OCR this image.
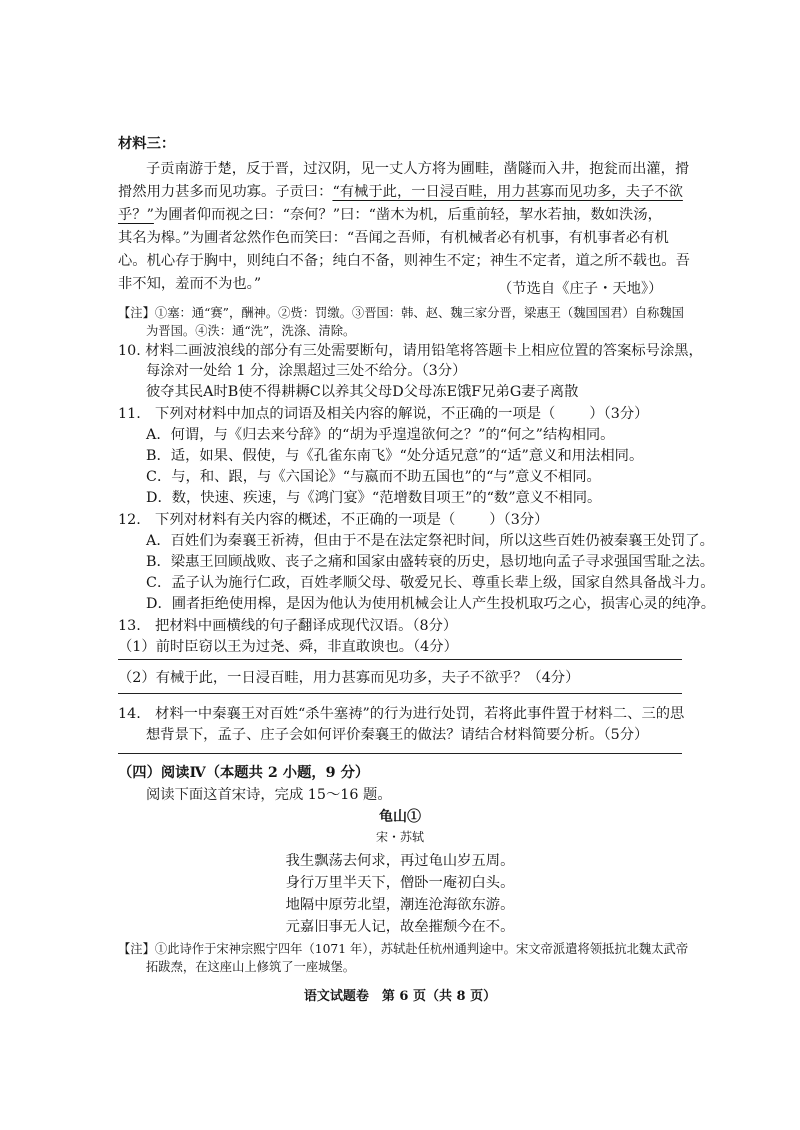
材料三：
子贡南游于楚，反于晋，过汉阴，见一丈人方将为圃畦，凿隧而入井，抱瓮而出灌，搰
搰然用力甚多而见功寡。子贡曰：“有械于此，一日浸百畦，用力甚寡而见功多，夫子不欲
乎？”为圃者仰而视之曰：“奈何？”曰：“凿木为机，后重前轻，挈水若抽，数如泆汤，
其名为槔。”为圃者忿然作色而笑曰：“吾闻之吾师，有机械者必有机事，有机事者必有机
心。机心存于胸中，则纯白不备；纯白不备，则神生不定；神生不定者，道之所不载也。吾
非不知，羞而不为也。”	（节选自《庄子・天地》）
【注】①塞：通“赛”，酬神。②赀：罚缴。③晋国：韩、赵、魏三家分晋，梁惠王（魏国国君）自称魏国
为晋国。④泆：通“洗”，洗涤、清除。
10. 材料二画波浪线的部分有三处需要断句，请用铅笔将答题卡上相应位置的答案标号涂黑，
每涂对一处给 1 分，涂黑超过三处不给分。（3分）
彼夺其民A时B使不得耕耨C以养其父母D父母冻E饿F兄弟G妻子离散
11.　下列对材料中加点的词语及相关内容的解说，不正确的一项是（ ）（3分）
A．何谓，与《归去来兮辞》的“胡为乎遑遑欲何之？”的“何之”结构相同。
B．适，如果、假使，与《孔雀东南飞》“处分适兄意”的“适”意义和用法相同。
C．与，和、跟，与《六国论》“与嬴而不助五国也”的“与”意义不相同。
D．数，快速、疾速，与《鸿门宴》“范增数目项王”的“数”意义不相同。
12.　下列对材料有关内容的概述，不正确的一项是（ ）（3分）
A．百姓们为秦襄王祈祷，但由于不是在法定祭祀时间，所以这些百姓仍被秦襄王处罚了。
B．梁惠王回顾战败、丧子之痛和国家由盛转衰的历史，恳切地向孟子寻求强国雪耻之法。
C．孟子认为施行仁政，百姓孝顺父母、敬爱兄长、尊重长辈上级，国家自然具备战斗力。
D．圃者拒绝使用槔，是因为他认为使用机械会让人产生投机取巧之心，损害心灵的纯净。
13.　把材料中画横线的句子翻译成现代汉语。（8分）
（1）前时臣窃以王为过尧、舜，非直敢谀也。（4分）
（2）有械于此，一日浸百畦，用力甚寡而见功多，夫子不欲乎？（4分）
14.　材料一中秦襄王对百姓“杀牛塞祷”的行为进行处罚，若将此事件置于材料二、三的思
想背景下，孟子、庄子会如何评价秦襄王的做法？请结合材料简要分析。（5分）
（四）阅读Ⅳ（本题共 2 小题，9 分）
阅读下面这首宋诗，完成 15～16 题。
龟山①
宋・苏轼
我生飘荡去何求，再过龟山岁五周。
身行万里半天下，僧卧一庵初白头。
地隔中原劳北望，潮连沧海欲东游。
元嘉旧事无人记，故垒摧颓今在不。
【注】①此诗作于宋神宗熙宁四年（1071 年），苏轼赴任杭州通判途中。宋文帝派遣将领抵抗北魏太武帝
拓跋焘，在这座山上修筑了一座城堡。
语文试题卷　第 6 页（共 8 页）
